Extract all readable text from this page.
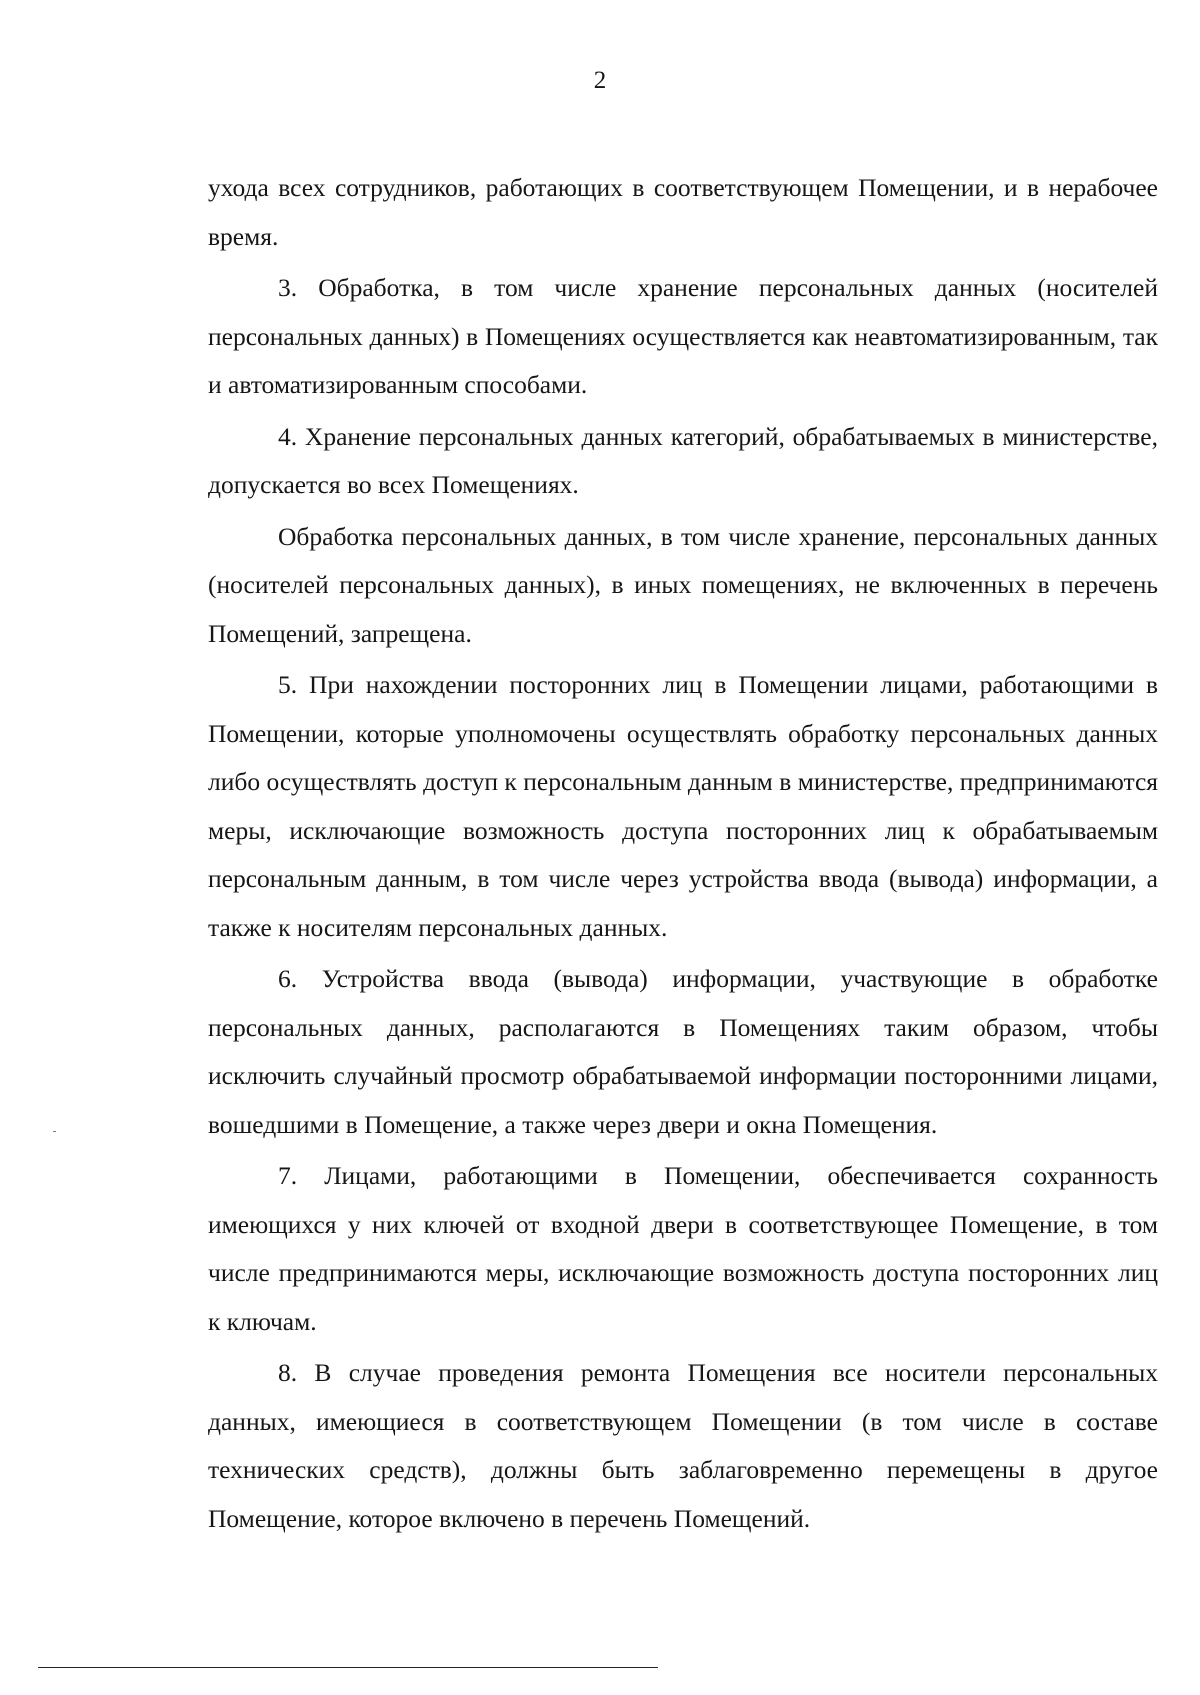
2

ухода всех сотрудников, работающих в соответствующем Помещении, и в нерабочее время.

3. Обработка, в том числе хранение персональных данных (носителей персональных данных) в Помещениях осуществляется как неавтоматизированным, так и автоматизированным способами.

4. Хранение персональных данных категорий, обрабатываемых в министерстве, допускается во всех Помещениях.

Обработка персональных данных, в том числе хранение, персональных данных (носителей персональных данных), в иных помещениях, не включенных в перечень Помещений, запрещена.

5. При нахождении посторонних лиц в Помещении лицами, работающими в Помещении, которые уполномочены осуществлять обработку персональных данных либо осуществлять доступ к персональным данным в министерстве, предпринимаются меры, исключающие возможность доступа посторонних лиц к обрабатываемым персональным данным, в том числе через устройства ввода (вывода) информации, а также к носителям персональных данных.

6. Устройства ввода (вывода) информации, участвующие в обработке персональных данных, располагаются в Помещениях таким образом, чтобы исключить случайный просмотр обрабатываемой информации посторонними лицами, вошедшими в Помещение, а также через двери и окна Помещения.

7. Лицами, работающими в Помещении, обеспечивается сохранность имеющихся у них ключей от входной двери в соответствующее Помещение, в том числе предпринимаются меры, исключающие возможность доступа посторонних лиц к ключам.

8. В случае проведения ремонта Помещения все носители персональных данных, имеющиеся в соответствующем Помещении (в том числе в составе технических средств), должны быть заблаговременно перемещены в другое Помещение, которое включено в перечень Помещений.
